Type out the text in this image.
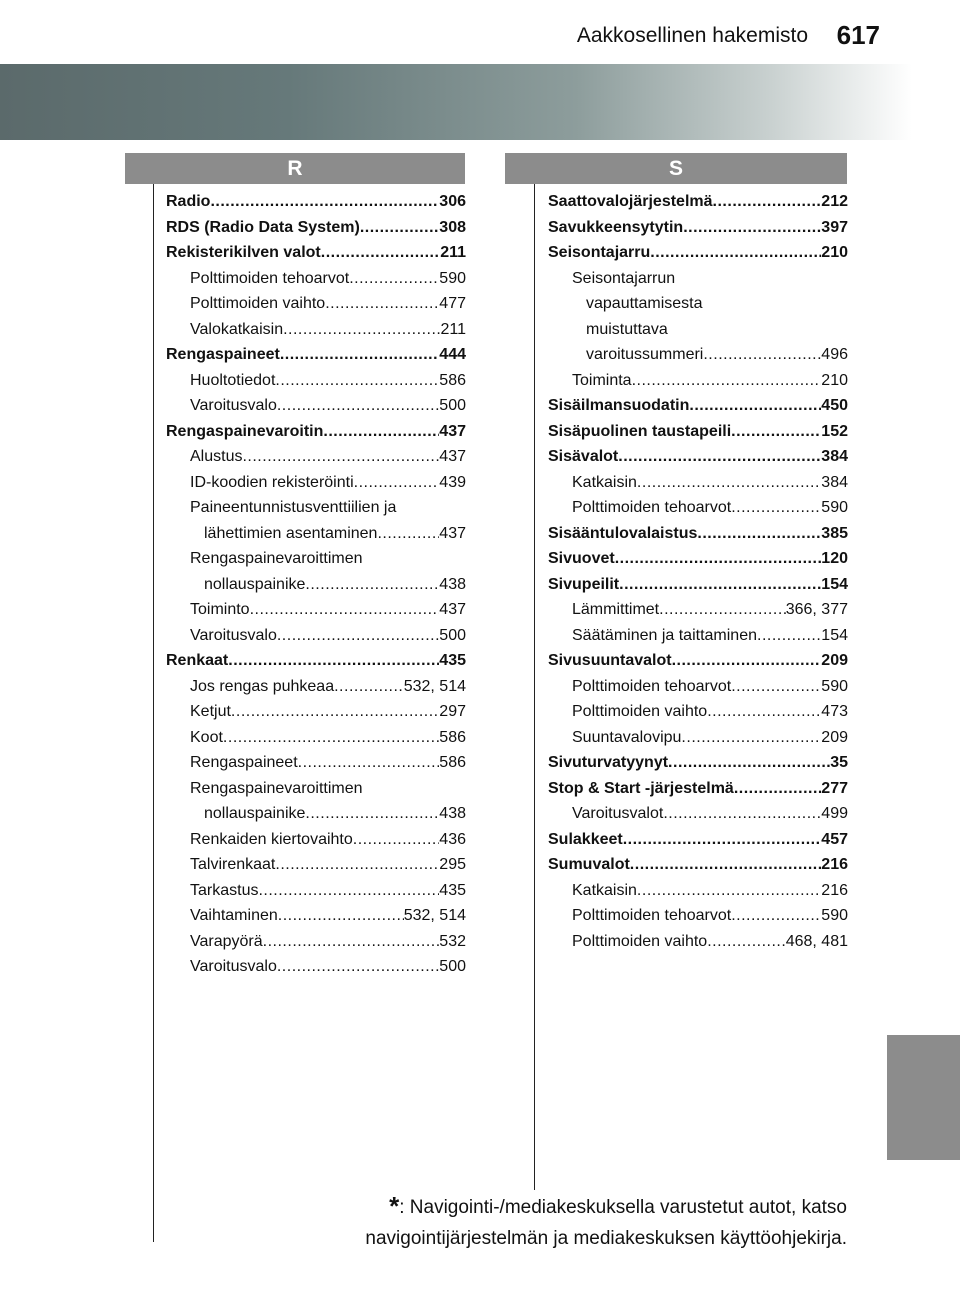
Aakkosellinen hakemisto 617
R	S
Radio .....	306
RDS (Radio Data System) .....	308
Rekisterikilven valot .....	211
Polttimoiden tehoarvot .....	590
Polttimoiden vaihto .....	477
Valokatkaisin .....	211
Rengaspaineet .....	444
Huoltotiedot .....	586
Varoitusvalo .....	500
Rengaspainevaroitin .....	437
Alustus .....	437
ID-koodien rekisteröinti .....	439
Paineentunnistusventtiilien ja
lähettimien asentaminen .....	437
Rengaspainevaroittimen
nollauspainike .....	438
Toiminto .....	437
Varoitusvalo .....	500
Renkaat .....	435
Jos rengas puhkeaa .....	532, 514
Ketjut .....	297
Koot .....	586
Rengaspaineet .....	586
Rengaspainevaroittimen
nollauspainike .....	438
Renkaiden kiertovaihto .....	436
Talvirenkaat .....	295
Tarkastus .....	435
Vaihtaminen .....	532, 514
Varapyörä .....	532
Varoitusvalo .....	500
Saattovalojärjestelmä .....	212
Savukkeensytytin .....	397
Seisontajarru .....	210
Seisontajarrun
vapauttamisesta
muistuttava
varoitussummeri .....	496
Toiminta .....	210
Sisäilmansuodatin .....	450
Sisäpuolinen taustapeili .....	152
Sisävalot .....	384
Katkaisin .....	384
Polttimoiden tehoarvot .....	590
Sisääntulovalaistus .....	385
Sivuovet .....	120
Sivupeilit .....	154
Lämmittimet .....	366, 377
Säätäminen ja taittaminen .....	154
Sivusuuntavalot .....	209
Polttimoiden tehoarvot .....	590
Polttimoiden vaihto .....	473
Suuntavalovipu .....	209
Sivuturvatyynyt .....	35
Stop & Start -järjestelmä .....	277
Varoitusvalot .....	499
Sulakkeet .....	457
Sumuvalot .....	216
Katkaisin .....	216
Polttimoiden tehoarvot .....	590
Polttimoiden vaihto .....	468, 481
*: Navigointi-/mediakeskuksella varustetut autot, katso
navigointijärjestelmän ja mediakeskuksen käyttöohjekirja.
